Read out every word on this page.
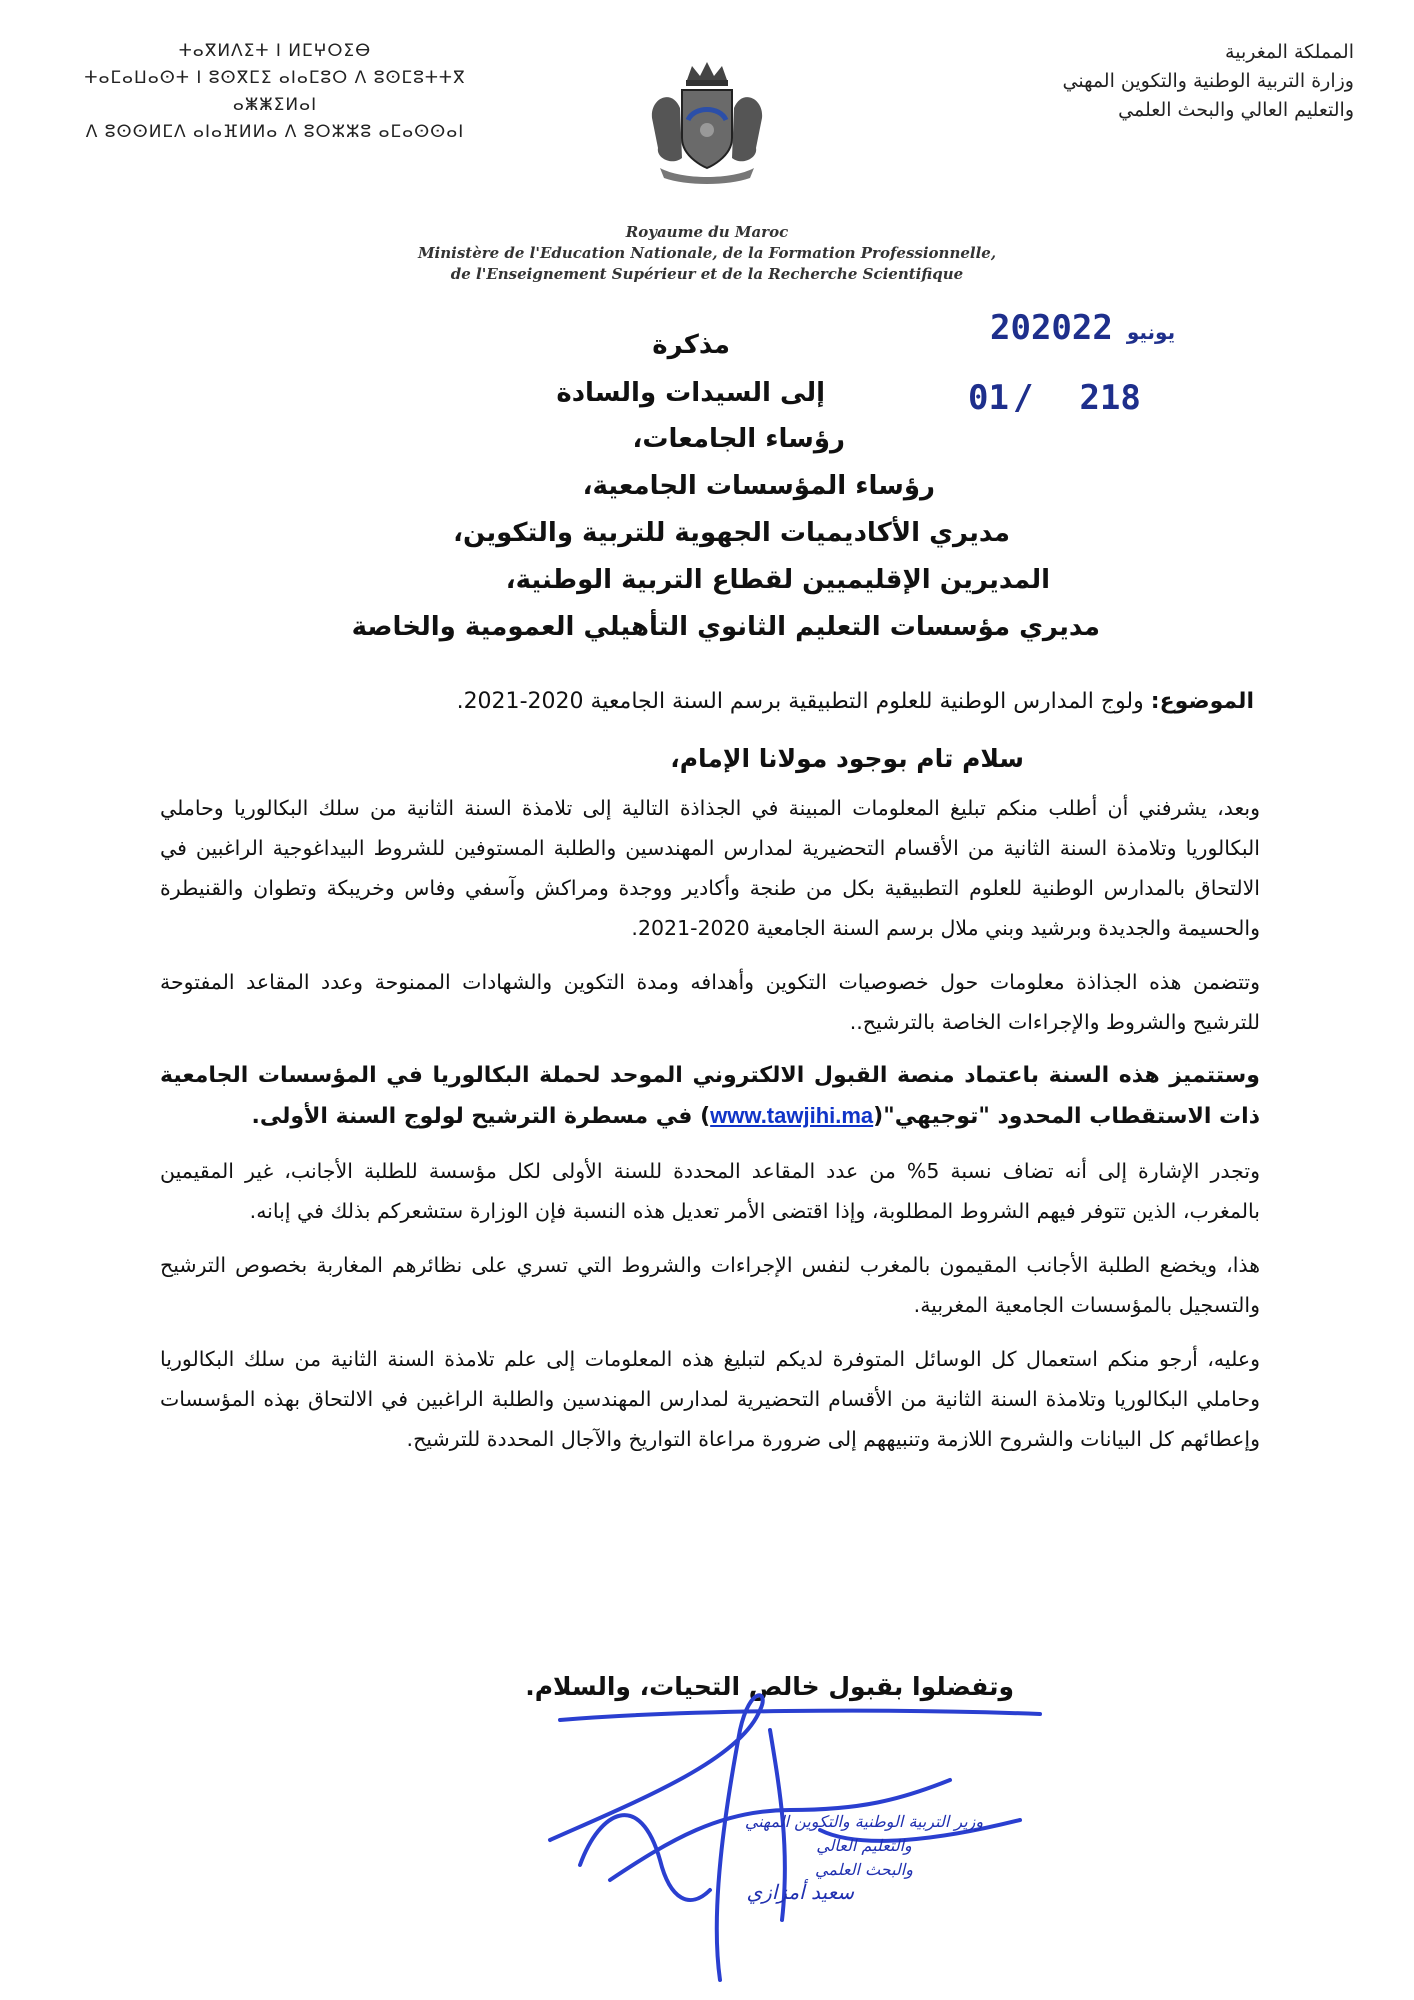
ⵜⴰⴳⵍⴷⵉⵜ ⵏ ⵍⵎⵖⵔⵉⴱ
ⵜⴰⵎⴰⵡⴰⵙⵜ ⵏ ⵓⵙⴳⵎⵉ ⴰⵏⴰⵎⵓⵔ ⴷ ⵓⵙⵎⵓⵜⵜⴳ ⴰⵥⵥⵉⵍⴰⵏ
ⴷ ⵓⵙⵙⵍⵎⴷ ⴰⵏⴰⴼⵍⵍⴰ ⴷ ⵓⵔⵣⵣⵓ ⴰⵎⴰⵙⵙⴰⵏ
المملكة المغربية
وزارة التربية الوطنية والتكوين المهني
والتعليم العالي والبحث العلمي
Royaume du Maroc
Ministère de l'Education Nationale, de la Formation Professionnelle,
de l'Enseignement Supérieur et de la Recherche Scientifique
2020	يونيو22
01 / 218
مذكرة
إلى السيدات والسادة
رؤساء الجامعات،
رؤساء المؤسسات الجامعية،
مديري الأكاديميات الجهوية للتربية والتكوين،
المديرين الإقليميين لقطاع التربية الوطنية،
مديري مؤسسات التعليم الثانوي التأهيلي العمومية والخاصة
الموضوع: ولوج المدارس الوطنية للعلوم التطبيقية برسم السنة الجامعية 2020-2021.
سلام تام بوجود مولانا الإمام،

وبعد، يشرفني أن أطلب منكم تبليغ المعلومات المبينة في الجذاذة التالية إلى تلامذة السنة الثانية من سلك البكالوريا وحاملي البكالوريا وتلامذة السنة الثانية من الأقسام التحضيرية لمدارس المهندسين والطلبة المستوفين للشروط البيداغوجية الراغبين في الالتحاق بالمدارس الوطنية للعلوم التطبيقية بكل من طنجة وأكادير ووجدة ومراكش وآسفي وفاس وخريبكة وتطوان والقنيطرة والحسيمة والجديدة وبرشيد وبني ملال برسم السنة الجامعية 2020-2021.

وتتضمن هذه الجذاذة معلومات حول خصوصيات التكوين وأهدافه ومدة التكوين والشهادات الممنوحة وعدد المقاعد المفتوحة للترشيح والشروط والإجراءات الخاصة بالترشيح..

وستتميز هذه السنة باعتماد منصة القبول الالكتروني الموحد لحملة البكالوريا في المؤسسات الجامعية ذات الاستقطاب المحدود "توجيهي"(www.tawjihi.ma) في مسطرة الترشيح لولوج السنة الأولى.

وتجدر الإشارة إلى أنه تضاف نسبة 5% من عدد المقاعد المحددة للسنة الأولى لكل مؤسسة للطلبة الأجانب، غير المقيمين بالمغرب، الذين تتوفر فيهم الشروط المطلوبة، وإذا اقتضى الأمر تعديل هذه النسبة فإن الوزارة ستشعركم بذلك في إبانه.

هذا، ويخضع الطلبة الأجانب المقيمون بالمغرب لنفس الإجراءات والشروط التي تسري على نظائرهم المغاربة بخصوص الترشيح والتسجيل بالمؤسسات الجامعية المغربية.

وعليه، أرجو منكم استعمال كل الوسائل المتوفرة لديكم لتبليغ هذه المعلومات إلى علم تلامذة السنة الثانية من سلك البكالوريا وحاملي البكالوريا وتلامذة السنة الثانية من الأقسام التحضيرية لمدارس المهندسين والطلبة الراغبين في الالتحاق بهذه المؤسسات وإعطائهم كل البيانات والشروح اللازمة وتنبيههم إلى ضرورة مراعاة التواريخ والآجال المحددة للترشيح.

وتفضلوا بقبول خالص التحيات، والسلام.
وزير التربية الوطنية والتكوين المهني والتعليم العالي
والبحث العلمي
سعيد أمزازي
